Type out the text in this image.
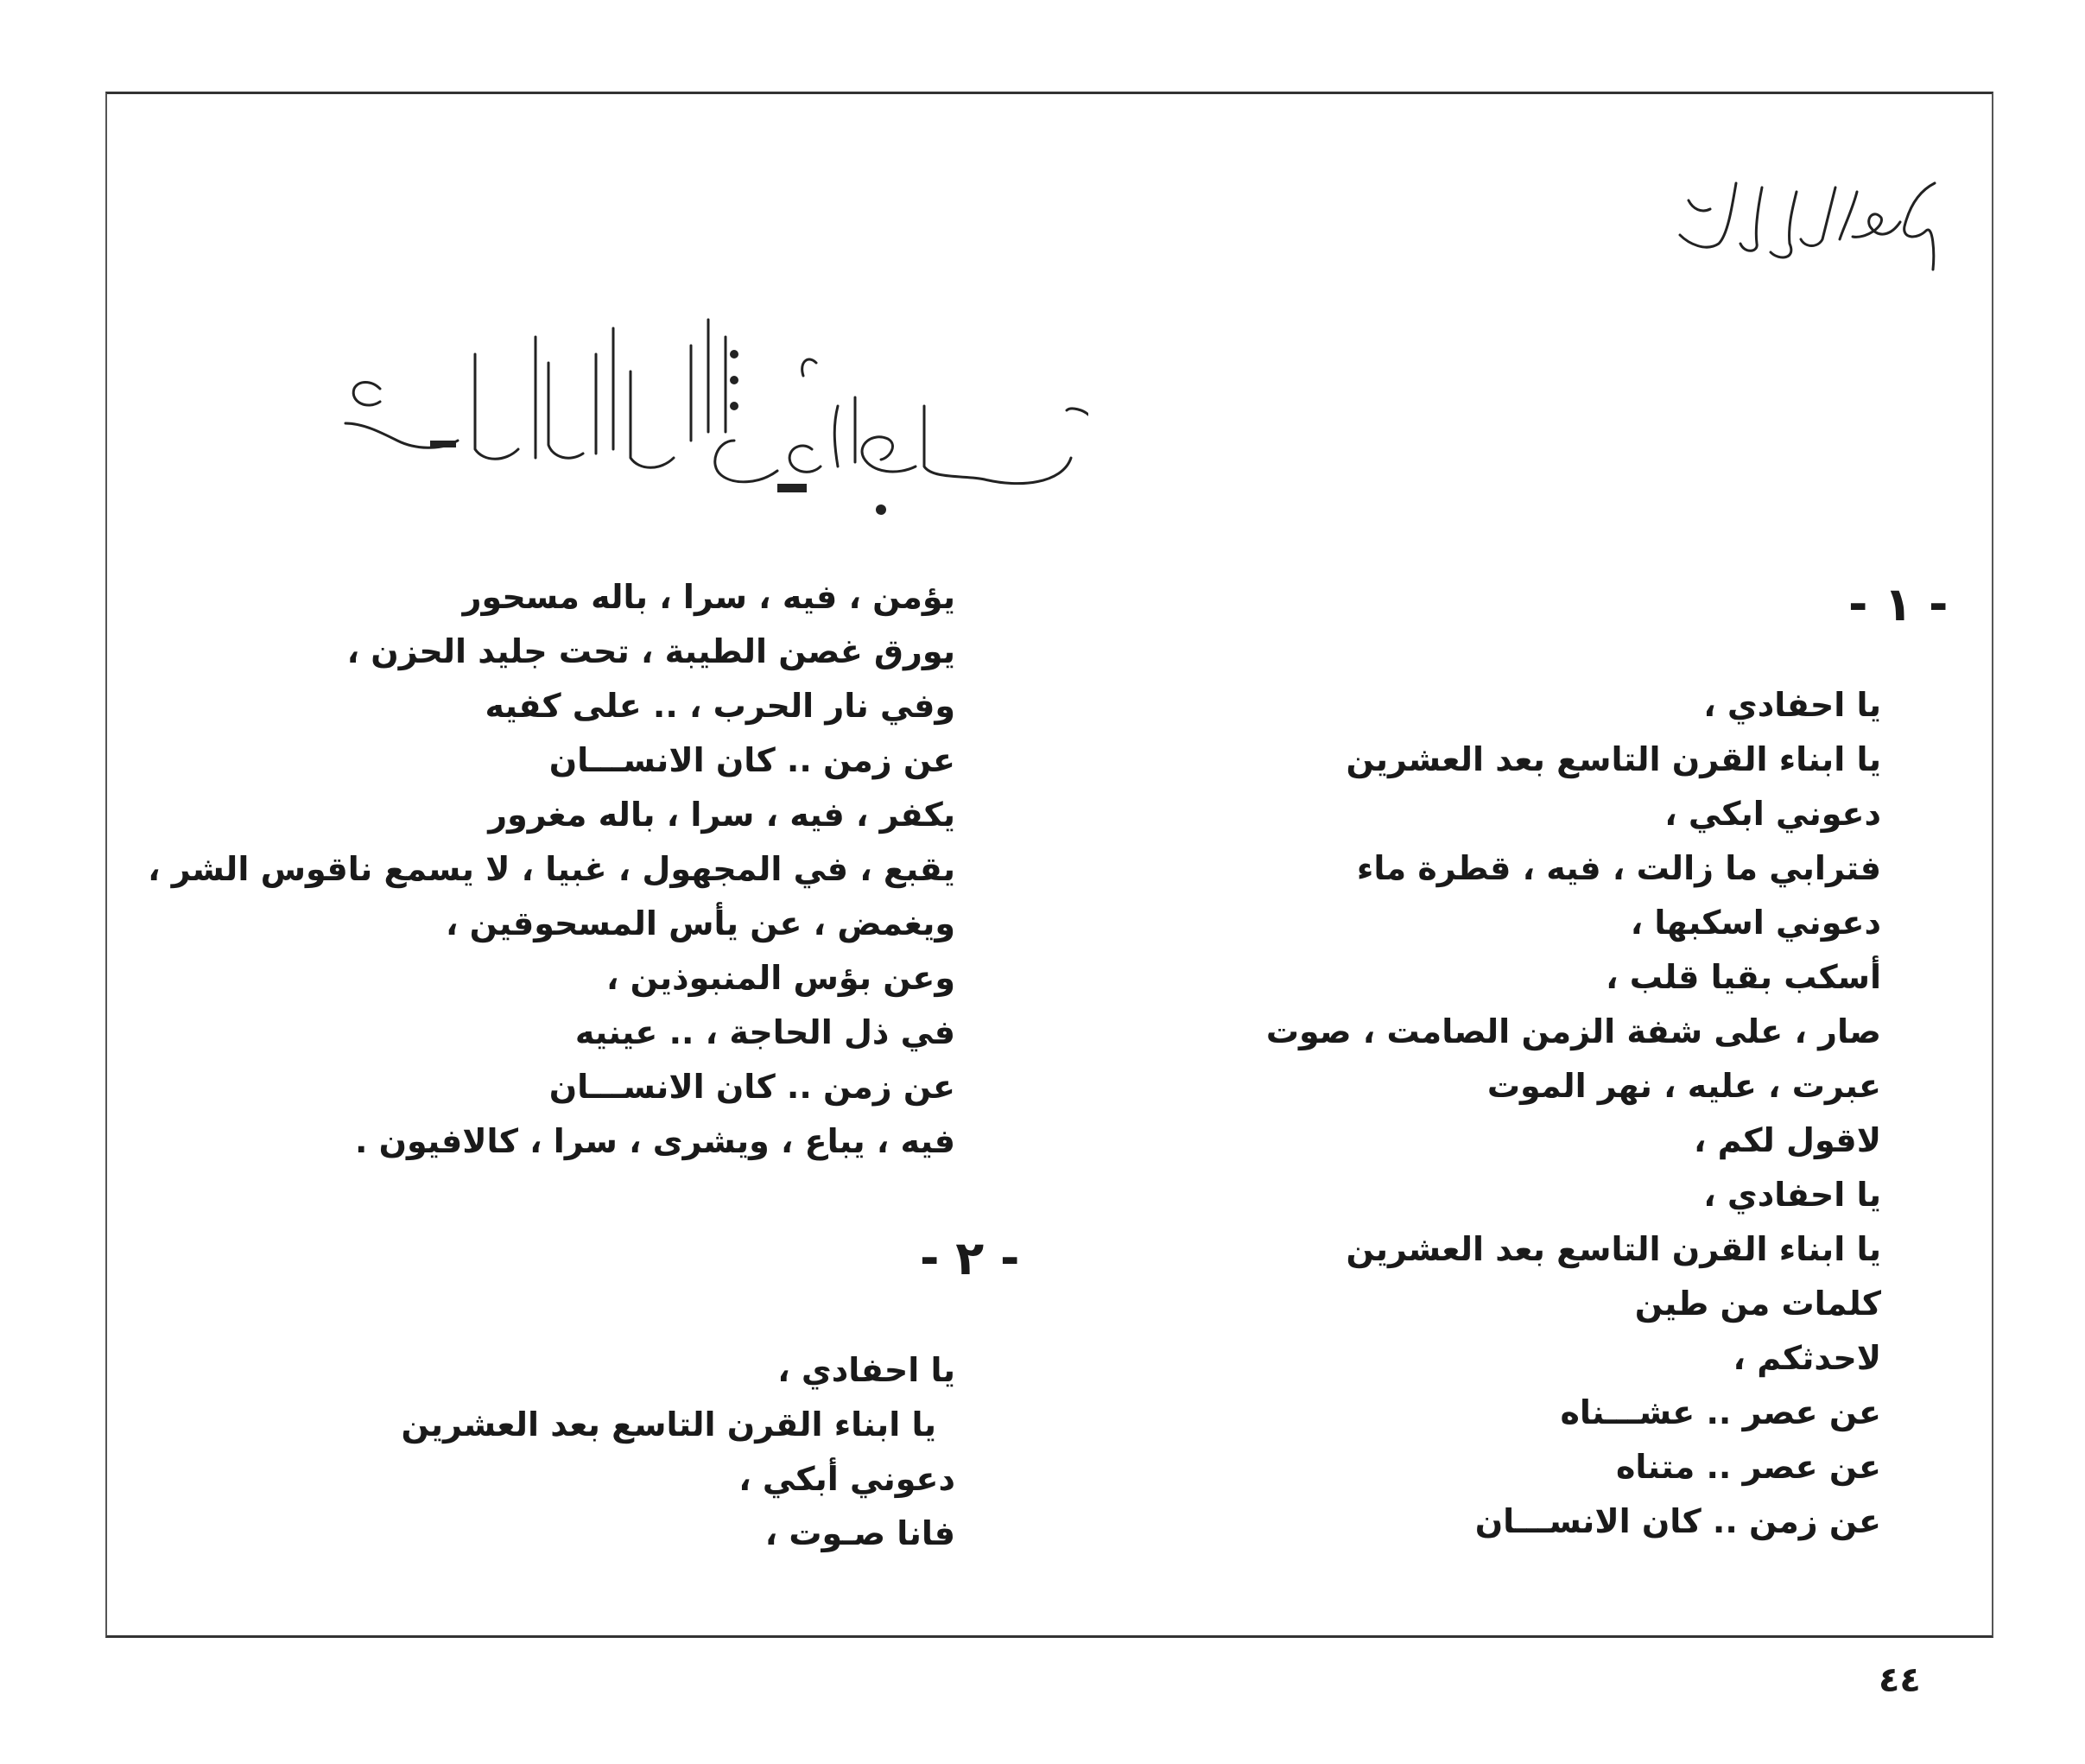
- ١ -
يا احفادي ،
يا ابناء القرن التاسع بعد العشرين
دعوني ابكي ،
فترابي ما زالت ، فيه ، قطرة ماء
دعوني اسكبها ،
أسكب بقيا قلب ،
صار ، على شفة الزمن الصامت ، صوت
عبرت ، عليه ، نهر الموت
لاقول لكم ،
يا احفادي ،
يا ابناء القرن التاسع بعد العشرين
كلمات من طين
لاحدثكم ،
عن عصر .. عشـــناه
عن عصر .. متناه
عن زمن .. كان الانســـان
يؤمن ، فيه ، سرا ، باله مسحور
يورق غصن الطيبة ، تحت جليد الحزن ،
وفي نار الحرب ، .. على كفيه
عن زمن .. كان الانســـان
يكفر ، فيه ، سرا ، باله مغرور
يقبع ، في المجهول ، غبيا ، لا يسمع ناقوس الشر ،
ويغمض ، عن يأس المسحوقين ،
وعن بؤس المنبوذين ،
في ذل الحاجة ، .. عينيه
عن زمن .. كان الانســـان
فيه ، يباع ، ويشرى ، سرا ، كالافيون .
- ٢ -
يا احفادي ،
يا ابناء القرن التاسع بعد العشرين
دعوني أبكي ،
فانا صـوت ،
٤٤
